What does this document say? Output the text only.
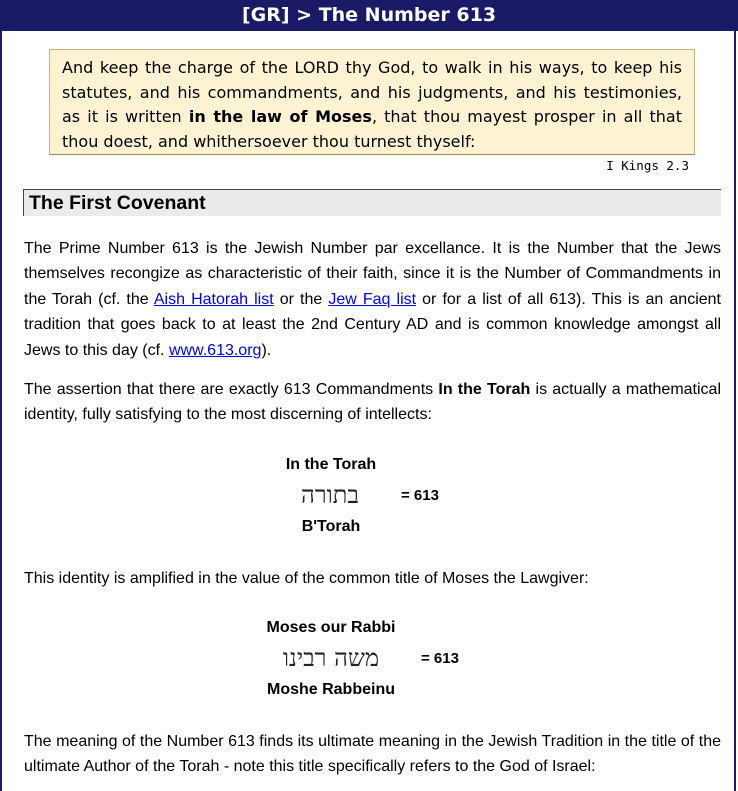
[GR] > The Number 613
And keep the charge of the LORD thy God, to walk in his ways, to keep his statutes, and his commandments, and his judgments, and his testimonies, as it is written in the law of Moses, that thou mayest prosper in all that thou doest, and whithersoever thou turnest thyself:
I Kings 2.3
The First Covenant
The Prime Number 613 is the Jewish Number par excellance. It is the Number that the Jews themselves recongize as characteristic of their faith, since it is the Number of Commandments in the Torah (cf. the Aish Hatorah list or the Jew Faq list or for a list of all 613). This is an ancient tradition that goes back to at least the 2nd Century AD and is common knowledge amongst all Jews to this day (cf. www.613.org).
The assertion that there are exactly 613 Commandments In the Torah is actually a mathematical identity, fully satisfying to the most discerning of intellects:
In the Torah
בתורה	= 613
B'Torah
This identity is amplified in the value of the common title of Moses the Lawgiver:
Moses our Rabbi
משה רבינו	= 613
Moshe Rabbeinu
The meaning of the Number 613 finds its ultimate meaning in the Jewish Tradition in the title of the ultimate Author of the Torah - note this title specifically refers to the God of Israel:
